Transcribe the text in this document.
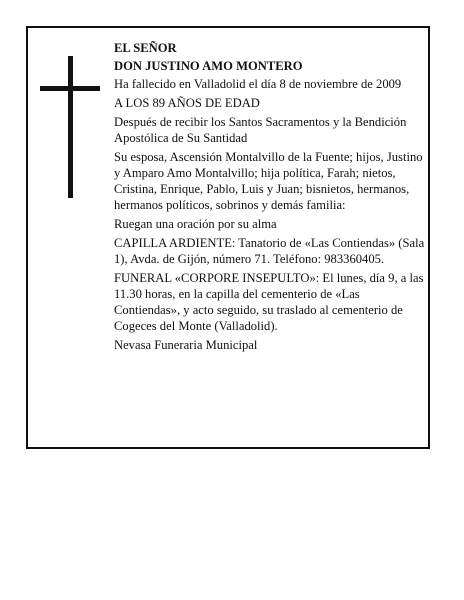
EL SEÑOR

DON JUSTINO AMO MONTERO

Ha fallecido en Valladolid el día 8 de noviembre de 2009

A LOS 89 AÑOS DE EDAD

Después de recibir los Santos Sacramentos y la Bendición Apostólica de Su Santidad

Su esposa, Ascensión Montalvillo de la Fuente; hijos, Justino y Amparo Amo Montalvillo; hija política, Farah; nietos, Cristina, Enrique, Pablo, Luis y Juan; bisnietos, hermanos, hermanos políticos, sobrinos y demás familia:

Ruegan una oración por su alma

CAPILLA ARDIENTE: Tanatorio de «Las Contiendas» (Sala 1), Avda. de Gijón, número 71. Teléfono: 983360405.

FUNERAL «CORPORE INSEPULTO»: El lunes, día 9, a las 11.30 horas, en la capilla del cementerio de «Las Contiendas», y acto seguido, su traslado al cementerio de Cogeces del Monte (Valladolid).

Nevasa Funeraria Municipal
